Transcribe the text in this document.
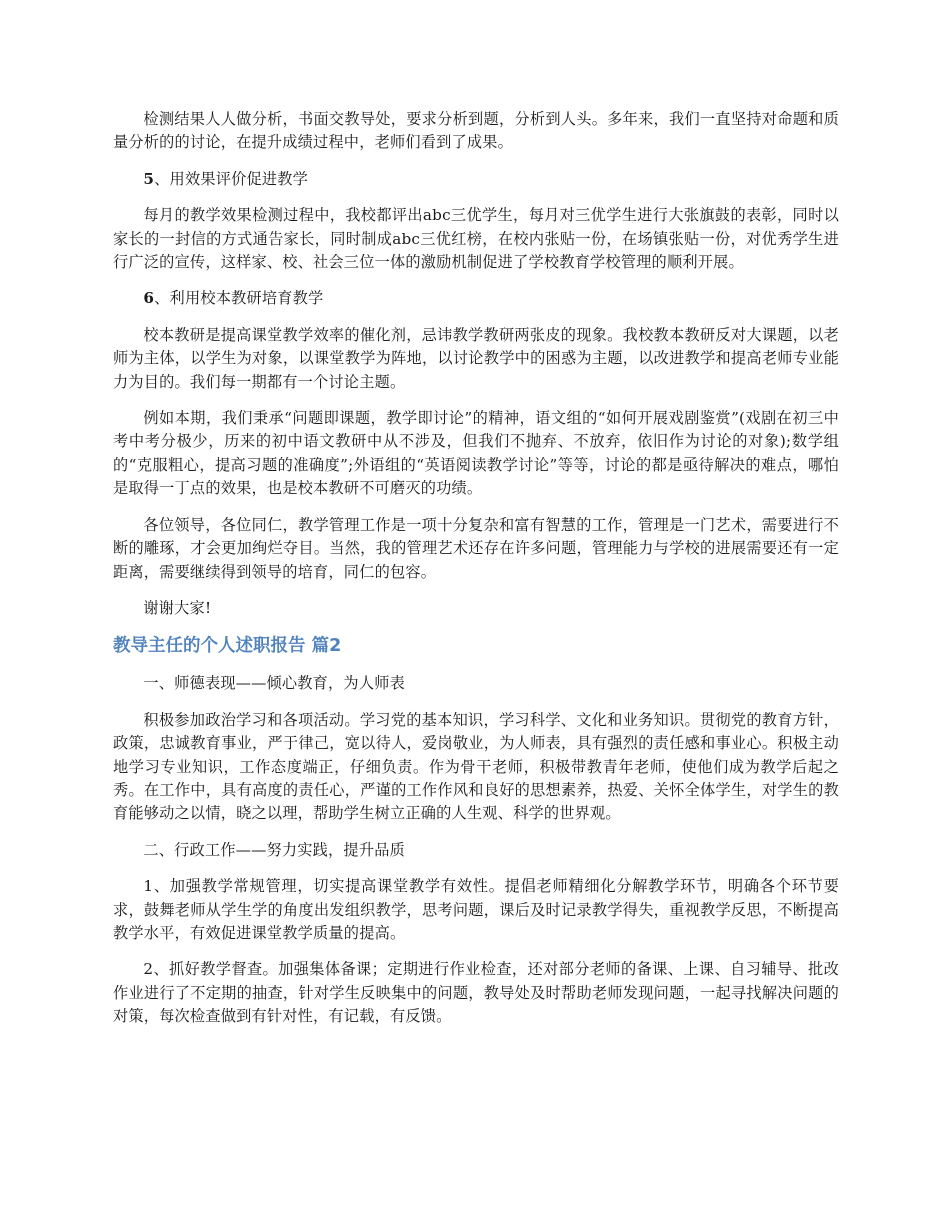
检测结果人人做分析，书面交教导处，要求分析到题，分析到人头。多年来，我们一直坚持对命题和质量分析的的讨论，在提升成绩过程中，老师们看到了成果。

5、用效果评价促进教学

每月的教学效果检测过程中，我校都评出abc三优学生，每月对三优学生进行大张旗鼓的表彰，同时以家长的一封信的方式通告家长，同时制成abc三优红榜，在校内张贴一份，在场镇张贴一份，对优秀学生进行广泛的宣传，这样家、校、社会三位一体的激励机制促进了学校教育学校管理的顺利开展。

6、利用校本教研培育教学

校本教研是提高课堂教学效率的催化剂，忌讳教学教研两张皮的现象。我校教本教研反对大课题，以老师为主体，以学生为对象，以课堂教学为阵地，以讨论教学中的困惑为主题，以改进教学和提高老师专业能力为目的。我们每一期都有一个讨论主题。

例如本期，我们秉承“问题即课题，教学即讨论”的精神，语文组的“如何开展戏剧鉴赏”(戏剧在初三中考中考分极少，历来的初中语文教研中从不涉及，但我们不抛弃、不放弃，依旧作为讨论的对象);数学组的“克服粗心，提高习题的准确度”;外语组的“英语阅读教学讨论”等等，讨论的都是亟待解决的难点，哪怕是取得一丁点的效果，也是校本教研不可磨灭的功绩。

各位领导，各位同仁，教学管理工作是一项十分复杂和富有智慧的工作，管理是一门艺术，需要进行不断的雕琢，才会更加绚烂夺目。当然，我的管理艺术还存在许多问题，管理能力与学校的进展需要还有一定距离，需要继续得到领导的培育，同仁的包容。

谢谢大家!

教导主任的个人述职报告 篇2

一、师德表现——倾心教育，为人师表

积极参加政治学习和各项活动。学习党的基本知识，学习科学、文化和业务知识。贯彻党的教育方针，政策，忠诚教育事业，严于律己，宽以待人，爱岗敬业，为人师表，具有强烈的责任感和事业心。积极主动地学习专业知识，工作态度端正，仔细负责。作为骨干老师，积极带教青年老师，使他们成为教学后起之秀。在工作中，具有高度的责任心，严谨的工作作风和良好的思想素养，热爱、关怀全体学生，对学生的教育能够动之以情，晓之以理，帮助学生树立正确的人生观、科学的世界观。

二、行政工作——努力实践，提升品质

1、加强教学常规管理，切实提高课堂教学有效性。提倡老师精细化分解教学环节，明确各个环节要求，鼓舞老师从学生学的角度出发组织教学，思考问题，课后及时记录教学得失，重视教学反思，不断提高教学水平，有效促进课堂教学质量的提高。

2、抓好教学督查。加强集体备课；定期进行作业检查，还对部分老师的备课、上课、自习辅导、批改作业进行了不定期的抽查，针对学生反映集中的问题，教导处及时帮助老师发现问题，一起寻找解决问题的对策，每次检查做到有针对性，有记载，有反馈。
